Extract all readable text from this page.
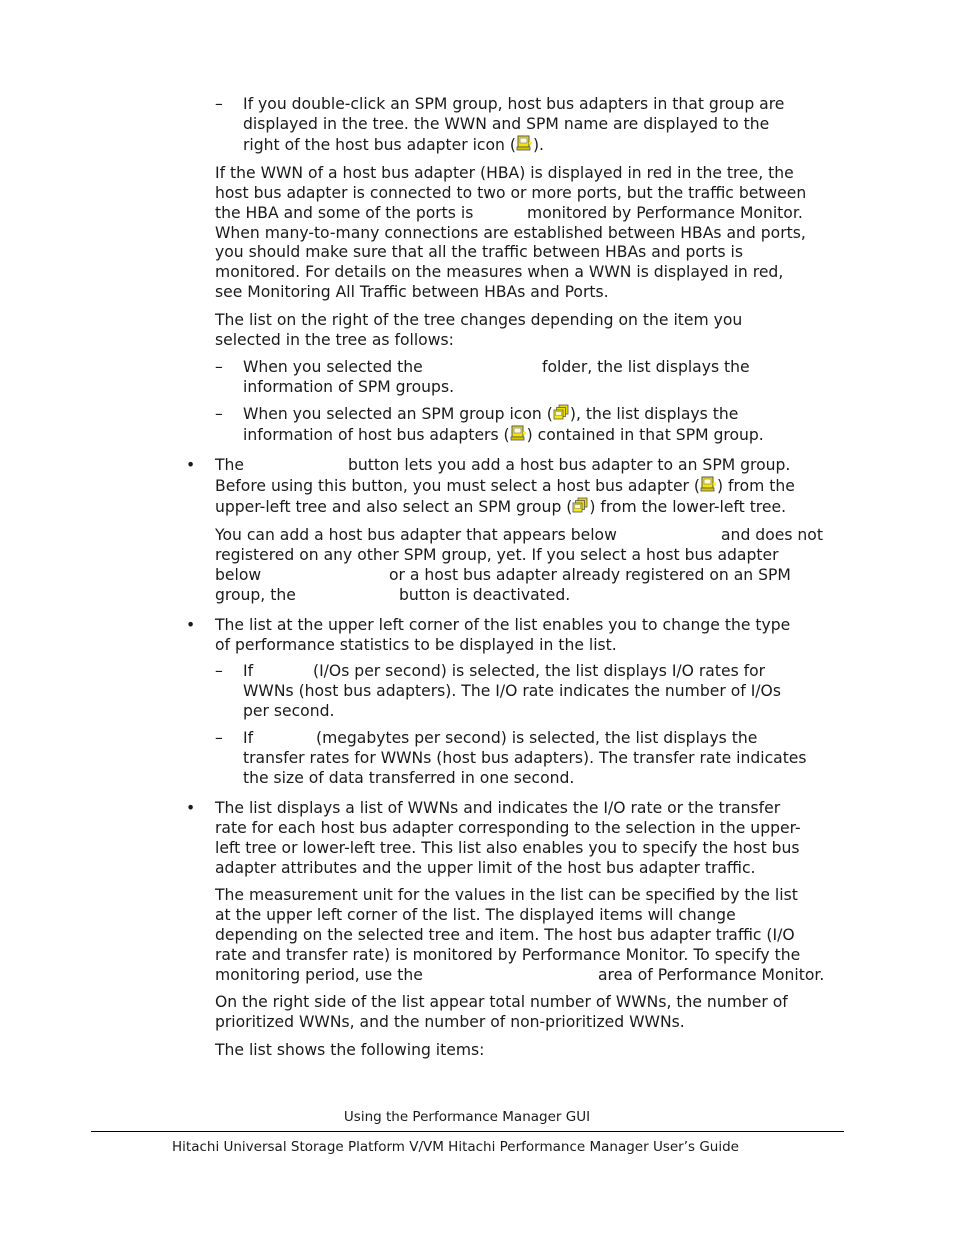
– If you double-click an SPM group, host bus adapters in that group are
displayed in the tree. the WWN and SPM name are displayed to the
right of the host bus adapter icon ( ).
If the WWN of a host bus adapter (HBA) is displayed in red in the tree, the
host bus adapter is connected to two or more ports, but the traffic between
the HBA and some of the ports is	monitored by Performance Monitor.
When many-to-many connections are established between HBAs and ports,
you should make sure that all the traffic between HBAs and ports is
monitored. For details on the measures when a WWN is displayed in red,
see Monitoring All Traffic between HBAs and Ports.
The list on the right of the tree changes depending on the item you
selected in the tree as follows:
– When you selected the	folder, the list displays the
information of SPM groups.
– When you selected an SPM group icon ( ), the list displays the
information of host bus adapters ( ) contained in that SPM group.
• The	button lets you add a host bus adapter to an SPM group.
Before using this button, you must select a host bus adapter ( ) from the
upper-left tree and also select an SPM group ( ) from the lower-left tree.
You can add a host bus adapter that appears below	and does not
registered on any other SPM group, yet. If you select a host bus adapter
below	or a host bus adapter already registered on an SPM
group, the	button is deactivated.
• The list at the upper left corner of the list enables you to change the type
of performance statistics to be displayed in the list.
– If	(I/Os per second) is selected, the list displays I/O rates for
WWNs (host bus adapters). The I/O rate indicates the number of I/Os
per second.
– If	(megabytes per second) is selected, the list displays the
transfer rates for WWNs (host bus adapters). The transfer rate indicates
the size of data transferred in one second.
• The list displays a list of WWNs and indicates the I/O rate or the transfer
rate for each host bus adapter corresponding to the selection in the upper-
left tree or lower-left tree. This list also enables you to specify the host bus
adapter attributes and the upper limit of the host bus adapter traffic.
The measurement unit for the values in the list can be specified by the list
at the upper left corner of the list. The displayed items will change
depending on the selected tree and item. The host bus adapter traffic (I/O
rate and transfer rate) is monitored by Performance Monitor. To specify the
monitoring period, use the	area of Performance Monitor.
On the right side of the list appear total number of WWNs, the number of
prioritized WWNs, and the number of non-prioritized WWNs.
The list shows the following items:
Using the Performance Manager GUI
Hitachi Universal Storage Platform V/VM Hitachi Performance Manager User’s Guide
